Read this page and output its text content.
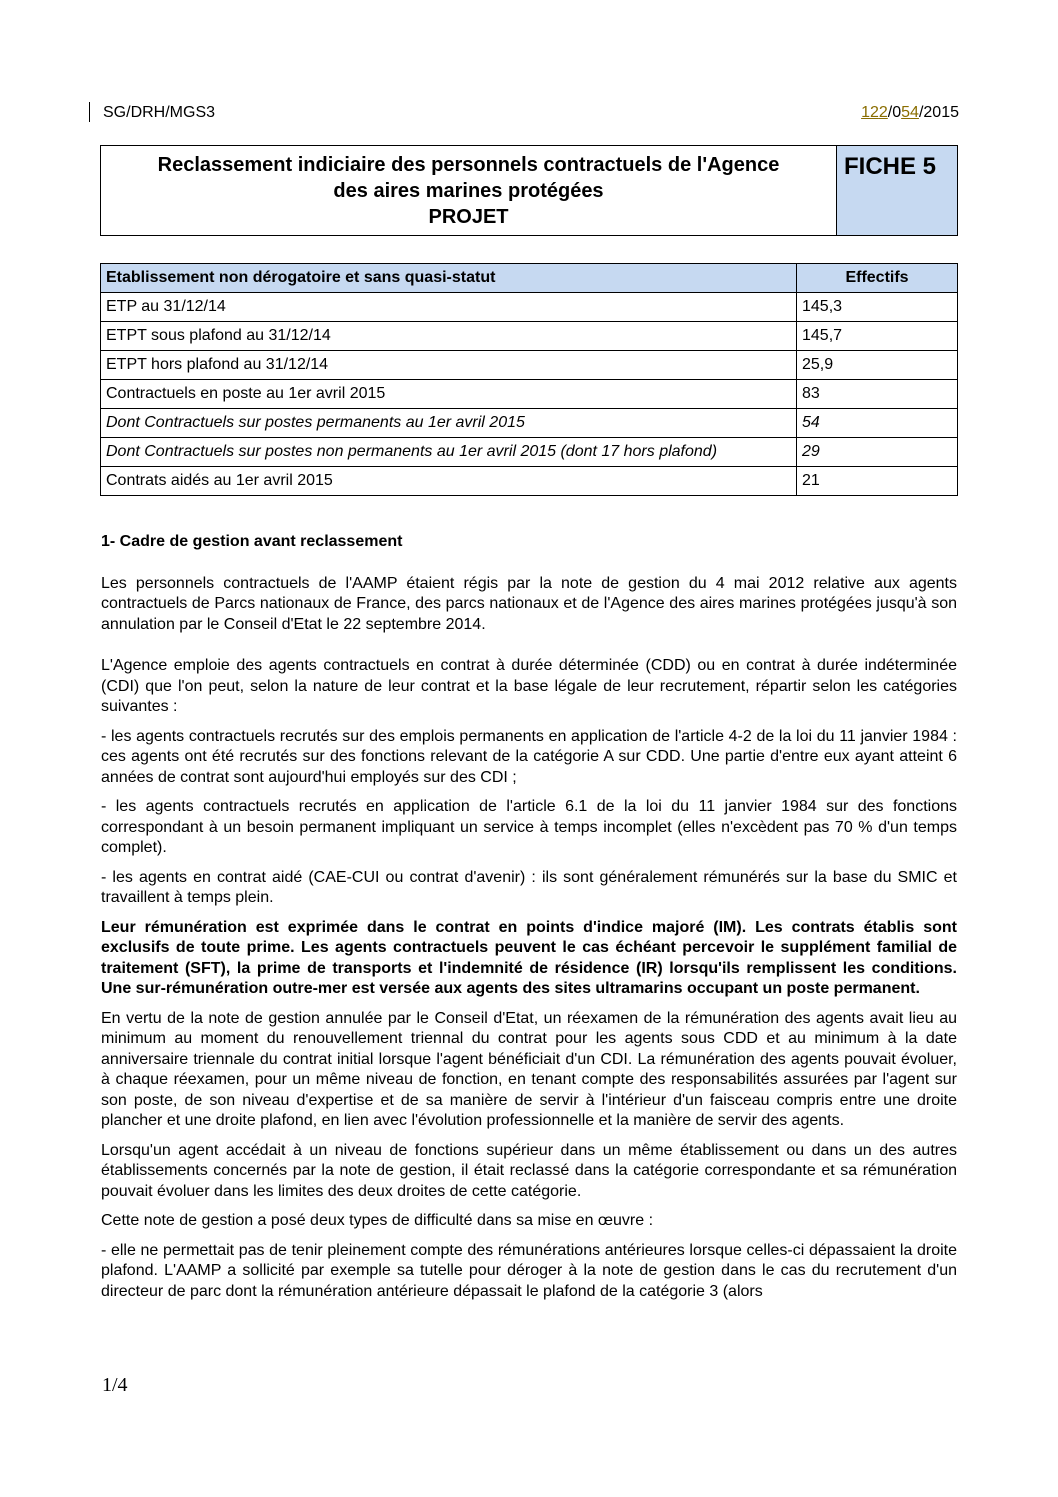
SG/DRH/MGS3	122/054/2015
Reclassement indiciaire des personnels contractuels de l'Agence
des aires marines protégées
PROJET
FICHE 5
Etablissement non dérogatoire et sans quasi-statut	Effectifs
ETP au 31/12/14	145,3
ETPT sous plafond au 31/12/14	145,7
ETPT hors plafond au 31/12/14	25,9
Contractuels en poste au 1er avril 2015	83
Dont Contractuels sur postes permanents au 1er avril 2015	54
Dont Contractuels sur postes non permanents au 1er avril 2015 (dont 17 hors plafond)	29
Contrats aidés au 1er avril 2015	21
1- Cadre de gestion avant reclassement

Les personnels contractuels de l'AAMP étaient régis par la note de gestion du 4 mai 2012 relative aux agents contractuels de Parcs nationaux de France, des parcs nationaux et de l'Agence des aires marines protégées jusqu'à son annulation par le Conseil d'Etat le 22 septembre 2014.

L'Agence emploie des agents contractuels en contrat à durée déterminée (CDD) ou en contrat à durée indéterminée (CDI) que l'on peut, selon la nature de leur contrat et la base légale de leur recrutement, répartir selon les catégories suivantes :

- les agents contractuels recrutés sur des emplois permanents en application de l'article 4-2 de la loi du 11 janvier 1984 : ces agents ont été recrutés sur des fonctions relevant de la catégorie A sur CDD. Une partie d'entre eux ayant atteint 6 années de contrat sont aujourd'hui employés sur des CDI ;

- les agents contractuels recrutés en application de l'article 6.1 de la loi du 11 janvier 1984 sur des fonctions correspondant à un besoin permanent impliquant un service à temps incomplet (elles n'excèdent pas 70 % d'un temps complet).

- les agents en contrat aidé (CAE-CUI ou contrat d'avenir) : ils sont généralement rémunérés sur la base du SMIC et travaillent à temps plein.

Leur rémunération est exprimée dans le contrat en points d'indice majoré (IM). Les contrats établis sont exclusifs de toute prime. Les agents contractuels peuvent le cas échéant percevoir le supplément familial de traitement (SFT), la prime de transports et l'indemnité de résidence (IR) lorsqu'ils remplissent les conditions. Une sur-rémunération outre-mer est versée aux agents des sites ultramarins occupant un poste permanent.

En vertu de la note de gestion annulée par le Conseil d'Etat, un réexamen de la rémunération des agents avait lieu au minimum au moment du renouvellement triennal du contrat pour les agents sous CDD et au minimum à la date anniversaire triennale du contrat initial lorsque l'agent bénéficiait d'un CDI. La rémunération des agents pouvait évoluer, à chaque réexamen, pour un même niveau de fonction, en tenant compte des responsabilités assurées par l'agent sur son poste, de son niveau d'expertise et de sa manière de servir à l'intérieur d'un faisceau compris entre une droite plancher et une droite plafond, en lien avec l'évolution professionnelle et la manière de servir des agents.

Lorsqu'un agent accédait à un niveau de fonctions supérieur dans un même établissement ou dans un des autres établissements concernés par la note de gestion, il était reclassé dans la catégorie correspondante et sa rémunération pouvait évoluer dans les limites des deux droites de cette catégorie.

Cette note de gestion a posé deux types de difficulté dans sa mise en œuvre :

- elle ne permettait pas de tenir pleinement compte des rémunérations antérieures lorsque celles-ci dépassaient la droite plafond. L'AAMP a sollicité par exemple sa tutelle pour déroger à la note de gestion dans le cas du recrutement d'un directeur de parc dont la rémunération antérieure dépassait le plafond de la catégorie 3 (alors

1/4
